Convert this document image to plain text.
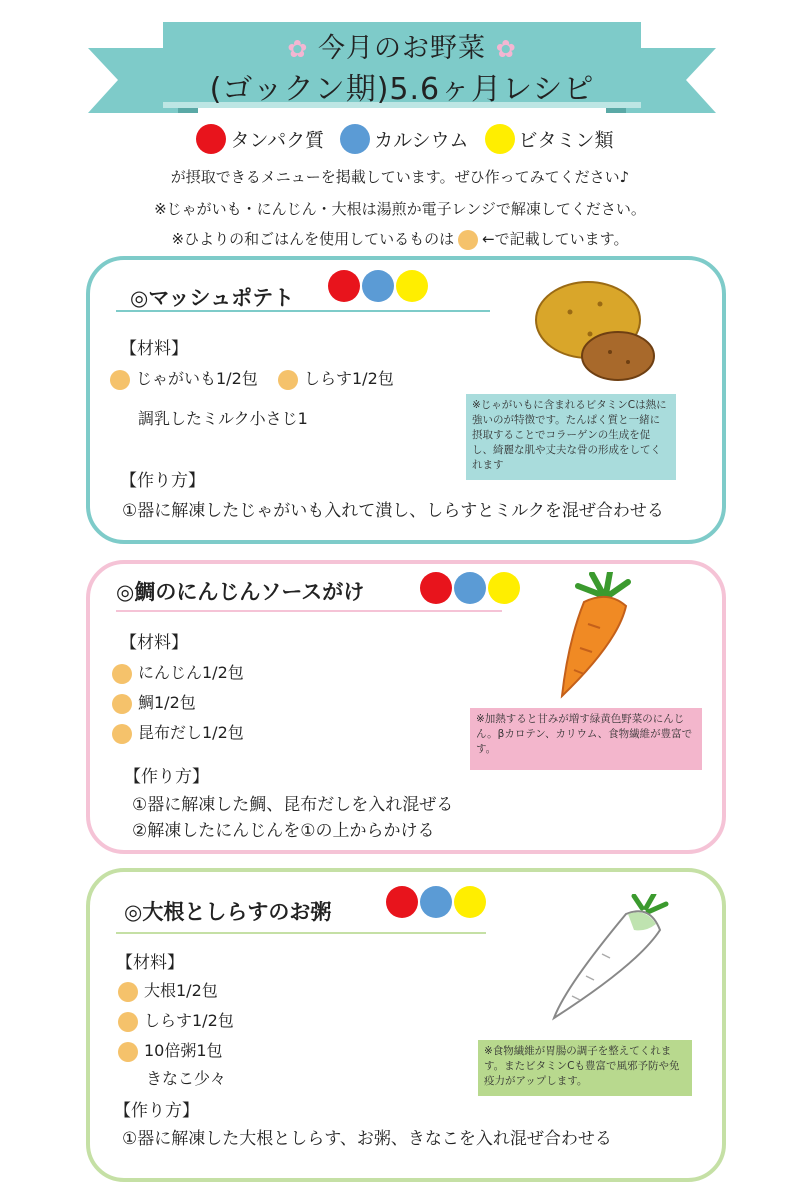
✿ 今月のお野菜 ✿
(ゴックン期)5.6ヶ月レシピ
タンパク質	カルシウム	ビタミン類
が摂取できるメニューを掲載しています。ぜひ作ってみてください♪
※じゃがいも・にんじん・大根は湯煎か電子レンジで解凍してください。
※ひよりの和ごはんを使用しているものは ←で記載しています。
◎マッシュポテト
【材料】
じゃがいも1/2包	しらす1/2包
調乳したミルク小さじ1
【作り方】
①器に解凍したじゃがいも入れて潰し、しらすとミルクを混ぜ合わせる
※じゃがいもに含まれるビタミンCは熱に強いのが特徴です。たんぱく質と一緒に摂取することでコラーゲンの生成を促し、綺麗な肌や丈夫な骨の形成をしてくれます
◎鯛のにんじんソースがけ
【材料】
にんじん1/2包
鯛1/2包
昆布だし1/2包
【作り方】
①器に解凍した鯛、昆布だしを入れ混ぜる
②解凍したにんじんを①の上からかける
※加熱すると甘みが増す緑黄色野菜のにんじん。βカロテン、カリウム、食物繊維が豊富です。
◎大根としらすのお粥
【材料】
大根1/2包
しらす1/2包
10倍粥1包
きなこ少々
【作り方】
①器に解凍した大根としらす、お粥、きなこを入れ混ぜ合わせる
※食物繊維が胃腸の調子を整えてくれます。またビタミンCも豊富で風邪予防や免疫力がアップします。
